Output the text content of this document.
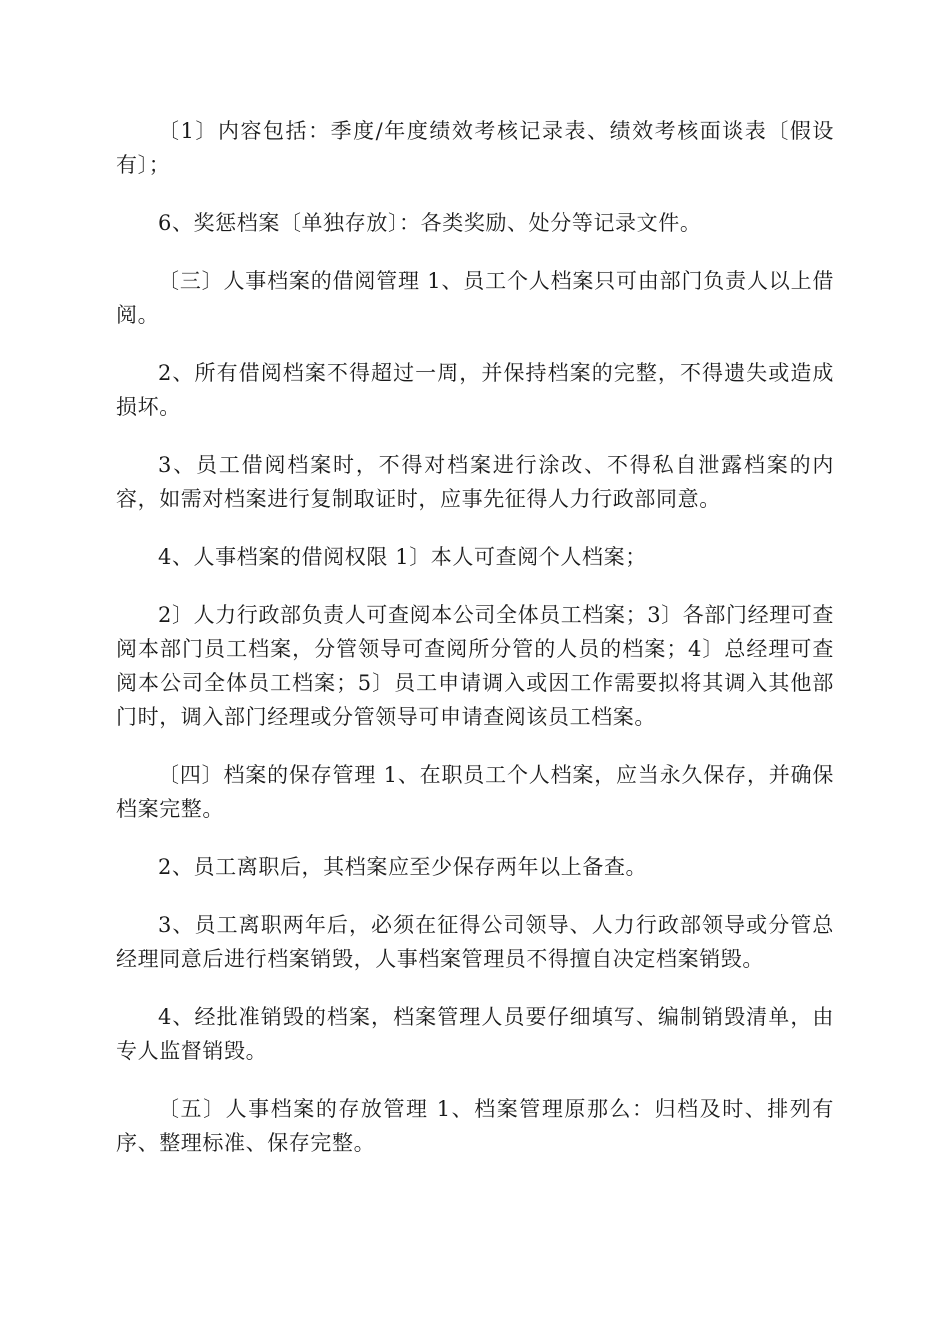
〔1〕内容包括：季度/年度绩效考核记录表、绩效考核面谈表〔假设有〕；

6、奖惩档案〔单独存放〕：各类奖励、处分等记录文件。

〔三〕人事档案的借阅管理 1、员工个人档案只可由部门负责人以上借阅。

2、所有借阅档案不得超过一周，并保持档案的完整，不得遗失或造成损坏。

3、员工借阅档案时，不得对档案进行涂改、不得私自泄露档案的内容，如需对档案进行复制取证时，应事先征得人力行政部同意。

4、人事档案的借阅权限 1〕本人可查阅个人档案；

2〕人力行政部负责人可查阅本公司全体员工档案；3〕各部门经理可查阅本部门员工档案，分管领导可查阅所分管的人员的档案；4〕总经理可查阅本公司全体员工档案；5〕员工申请调入或因工作需要拟将其调入其他部门时，调入部门经理或分管领导可申请查阅该员工档案。

〔四〕档案的保存管理 1、在职员工个人档案，应当永久保存，并确保档案完整。

2、员工离职后，其档案应至少保存两年以上备查。

3、员工离职两年后，必须在征得公司领导、人力行政部领导或分管总经理同意后进行档案销毁，人事档案管理员不得擅自决定档案销毁。

4、经批准销毁的档案，档案管理人员要仔细填写、编制销毁清单，由专人监督销毁。

〔五〕人事档案的存放管理 1、档案管理原那么：归档及时、排列有序、整理标准、保存完整。
